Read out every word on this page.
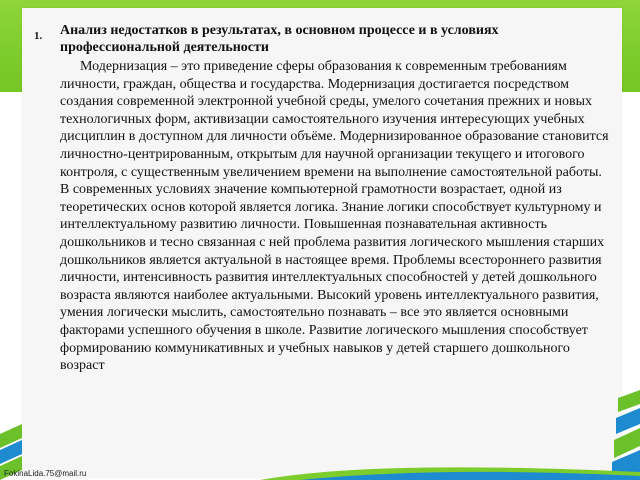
1. Анализ недостатков в результатах, в основном процессе и в условиях профессиональной деятельности

Модернизация – это приведение сферы образования к современным требованиям личности, граждан, общества и государства. Модернизация достигается посредством создания современной электронной учебной среды, умелого сочетания прежних и новых технологичных форм, активизации самостоятельного изучения интересующих учебных дисциплин в доступном для личности объёме. Модернизированное образование становится личностно-центрированным, открытым для научной организации текущего и итогового контроля, с существенным увеличением времени на выполнение самостоятельной работы. В современных условиях значение компьютерной грамотности возрастает, одной из теоретических основ которой является логика. Знание логики способствует культурному и интеллектуальному развитию личности. Повышенная познавательная активность дошкольников и тесно связанная с ней проблема развития логического мышления старших дошкольников является актуальной в настоящее время. Проблемы всестороннего развития личности, интенсивность развития интеллектуальных способностей у детей дошкольного возраста являются наиболее актуальными. Высокий уровень интеллектуального развития, умения логически мыслить, самостоятельно познавать – все это является основными факторами успешного обучения в школе. Развитие логического мышления способствует формированию коммуникативных и учебных навыков у детей старшего дошкольного возраст

FokinaLida.75@mail.ru
